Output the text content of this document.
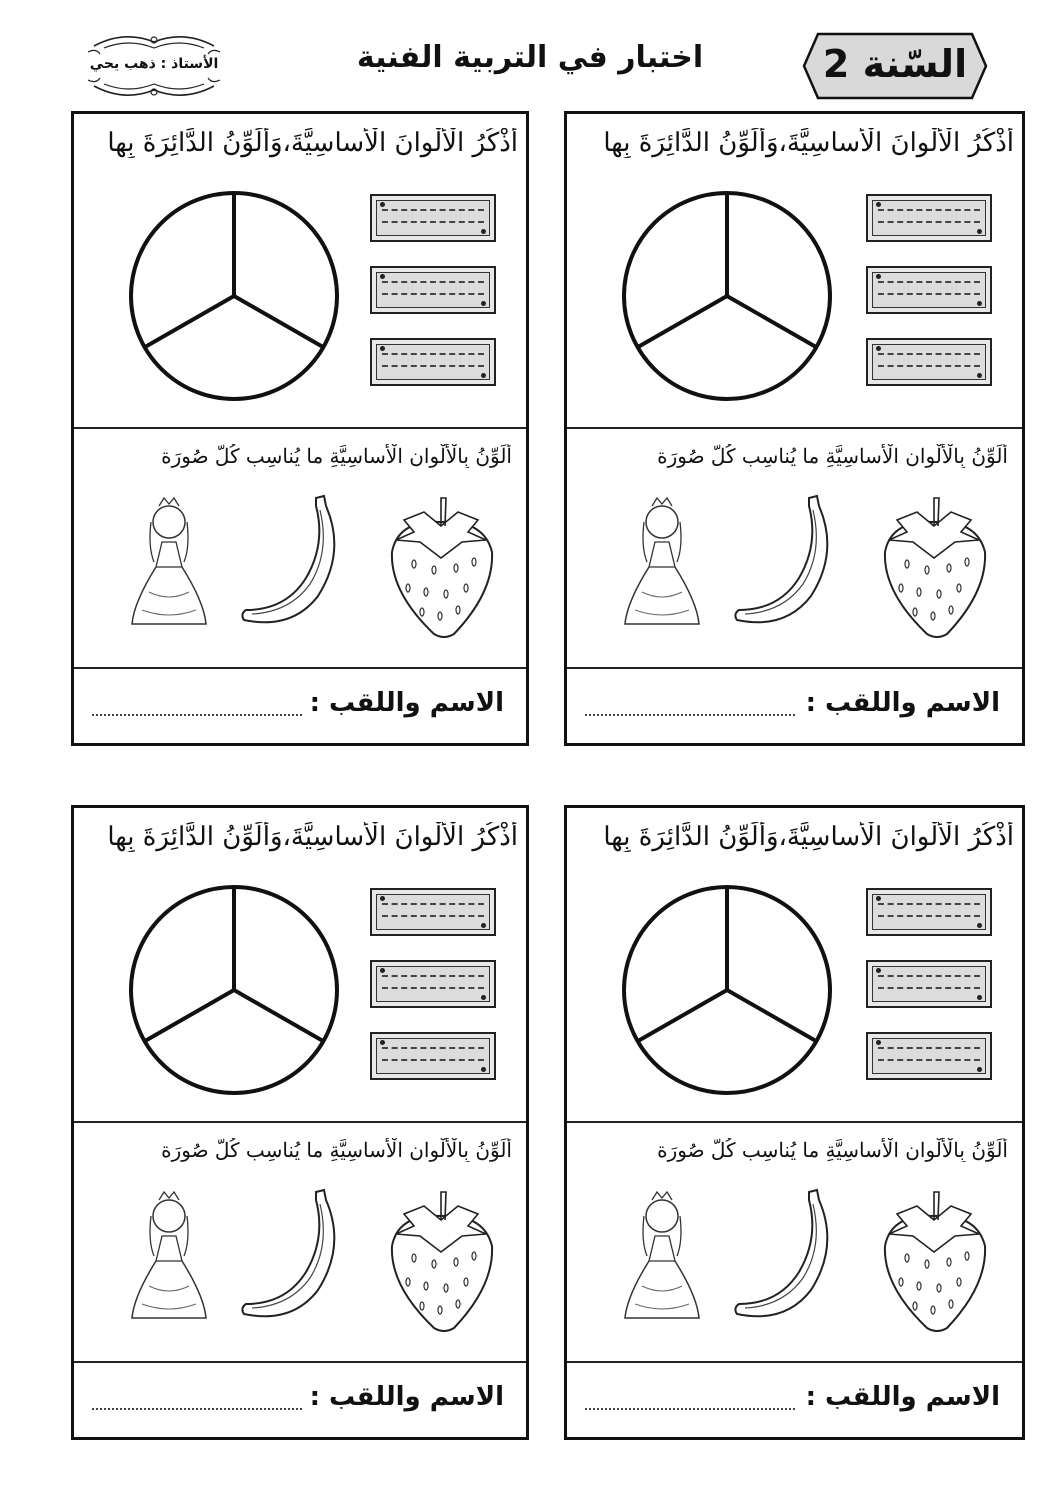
الأستاذ : ذهب يحي	اختبار في التربية الفنية	السّنة 2
أُذْكُرُ الْأَلْوانَ الْأَساسِيَّةَ،وَأُلَوِّنُ الدَّائِرَةَ بِها
أُلَوِّنُ بِالْأَلْوانِ الْأَساسِيَّةِ ما يُناسِب كُلَّ صُورَة
الاسم واللقب :
أُذْكُرُ الْأَلْوانَ الْأَساسِيَّةَ،وَأُلَوِّنُ الدَّائِرَةَ بِها
أُلَوِّنُ بِالْأَلْوانِ الْأَساسِيَّةِ ما يُناسِب كُلَّ صُورَة
الاسم واللقب :
أُذْكُرُ الْأَلْوانَ الْأَساسِيَّةَ،وَأُلَوِّنُ الدَّائِرَةَ بِها
أُلَوِّنُ بِالْأَلْوانِ الْأَساسِيَّةِ ما يُناسِب كُلَّ صُورَة
الاسم واللقب :
أُذْكُرُ الْأَلْوانَ الْأَساسِيَّةَ،وَأُلَوِّنُ الدَّائِرَةَ بِها
أُلَوِّنُ بِالْأَلْوانِ الْأَساسِيَّةِ ما يُناسِب كُلَّ صُورَة
الاسم واللقب :
